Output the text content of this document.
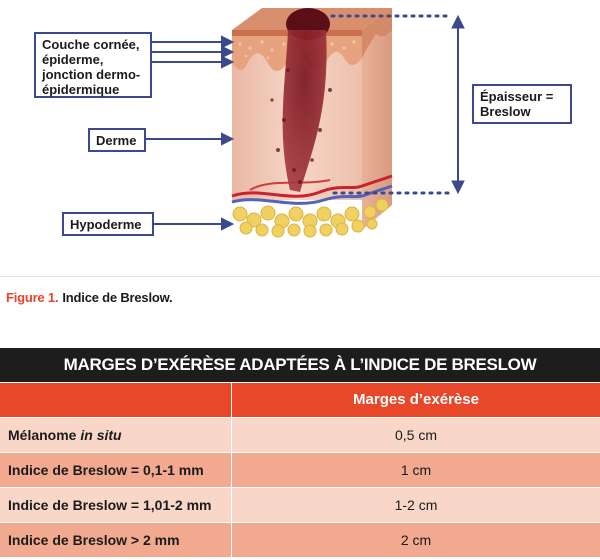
Couche cornée,
épiderme,
jonction dermo-
épidermique
Derme
Hypoderme
Épaisseur =
Breslow
Figure 1. Indice de Breslow.
MARGES D’EXÉRÈSE ADAPTÉES À L’INDICE DE BRESLOW
Marges d’exérèse
Mélanome in situ	0,5 cm
Indice de Breslow = 0,1-1 mm	1 cm
Indice de Breslow = 1,01-2 mm	1-2 cm
Indice de Breslow > 2 mm	2 cm
